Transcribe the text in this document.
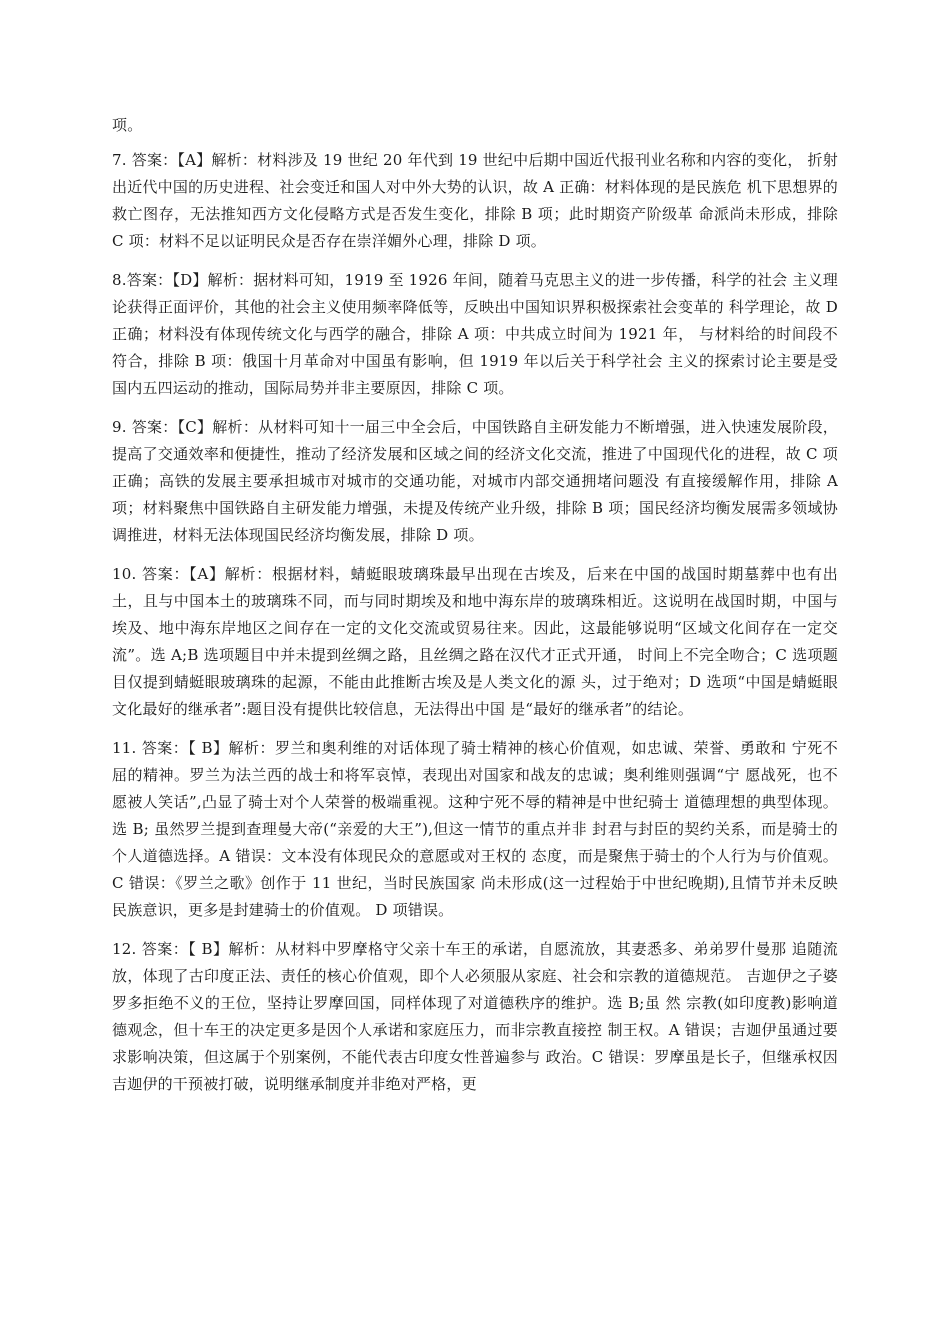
项。

7. 答案：【A】解析：材料涉及 19 世纪 20 年代到 19 世纪中后期中国近代报刊业名称和内容的变化， 折射出近代中国的历史进程、社会变迁和国人对中外大势的认识，故 A 正确：材料体现的是民族危 机下思想界的救亡图存，无法推知西方文化侵略方式是否发生变化，排除 B 项；此时期资产阶级革 命派尚未形成，排除 C 项：材料不足以证明民众是否存在崇洋媚外心理，排除 D 项。

8.答案：【D】解析：据材料可知，1919 至 1926 年间，随着马克思主义的进一步传播，科学的社会 主义理论获得正面评价，其他的社会主义使用频率降低等，反映出中国知识界积极探索社会变革的 科学理论，故 D 正确；材料没有体现传统文化与西学的融合，排除 A 项：中共成立时间为 1921 年， 与材料给的时间段不符合，排除 B 项：俄国十月革命对中国虽有影响，但 1919 年以后关于科学社会 主义的探索讨论主要是受国内五四运动的推动，国际局势并非主要原因，排除 C 项。

9. 答案：【C】解析：从材料可知十一届三中全会后，中国铁路自主研发能力不断增强，进入快速发展阶段，提高了交通效率和便捷性，推动了经济发展和区域之间的经济文化交流，推进了中国现代化的进程，故 C 项正确；高铁的发展主要承担城市对城市的交通功能，对城市内部交通拥堵问题没 有直接缓解作用，排除 A 项；材料聚焦中国铁路自主研发能力增强，未提及传统产业升级，排除 B 项；国民经济均衡发展需多领域协调推进，材料无法体现国民经济均衡发展，排除 D 项。

10. 答案：【A】解析：根据材料，蜻蜓眼玻璃珠最早出现在古埃及，后来在中国的战国时期墓葬中也有出土，且与中国本土的玻璃珠不同，而与同时期埃及和地中海东岸的玻璃珠相近。这说明在战国时期，中国与埃及、地中海东岸地区之间存在一定的文化交流或贸易往来。因此，这最能够说明“区域文化间存在一定交流”。选 A;B 选项题目中并未提到丝绸之路，且丝绸之路在汉代才正式开通， 时间上不完全吻合；C 选项题目仅提到蜻蜓眼玻璃珠的起源，不能由此推断古埃及是人类文化的源 头，过于绝对；D 选项“中国是蜻蜓眼文化最好的继承者”:题目没有提供比较信息，无法得出中国 是“最好的继承者”的结论。

11. 答案：【 B】解析：罗兰和奥利维的对话体现了骑士精神的核心价值观，如忠诚、荣誉、勇敢和 宁死不屈的精神。罗兰为法兰西的战士和将军哀悼，表现出对国家和战友的忠诚；奥利维则强调“宁 愿战死，也不愿被人笑话”,凸显了骑士对个人荣誉的极端重视。这种宁死不辱的精神是中世纪骑士 道德理想的典型体现。选 B; 虽然罗兰提到查理曼大帝(“亲爱的大王”),但这一情节的重点并非 封君与封臣的契约关系，而是骑士的个人道德选择。A 错误：文本没有体现民众的意愿或对王权的 态度，而是聚焦于骑士的个人行为与价值观。C 错误：《罗兰之歌》创作于 11 世纪，当时民族国家 尚未形成(这一过程始于中世纪晚期),且情节并未反映民族意识，更多是封建骑士的价值观。 D 项错误。

12. 答案：【 B】解析：从材料中罗摩格守父亲十车王的承诺，自愿流放，其妻悉多、弟弟罗什曼那 追随流放，体现了古印度正法、责任的核心价值观，即个人必须服从家庭、社会和宗教的道德规范。 吉迦伊之子婆罗多拒绝不义的王位，坚持让罗摩回国，同样体现了对道德秩序的维护。选 B;虽 然 宗教(如印度教)影响道德观念，但十车王的决定更多是因个人承诺和家庭压力，而非宗教直接控 制王权。A 错误；吉迦伊虽通过要求影响决策，但这属于个别案例，不能代表古印度女性普遍参与 政治。C 错误：罗摩虽是长子，但继承权因吉迦伊的干预被打破，说明继承制度并非绝对严格，更
